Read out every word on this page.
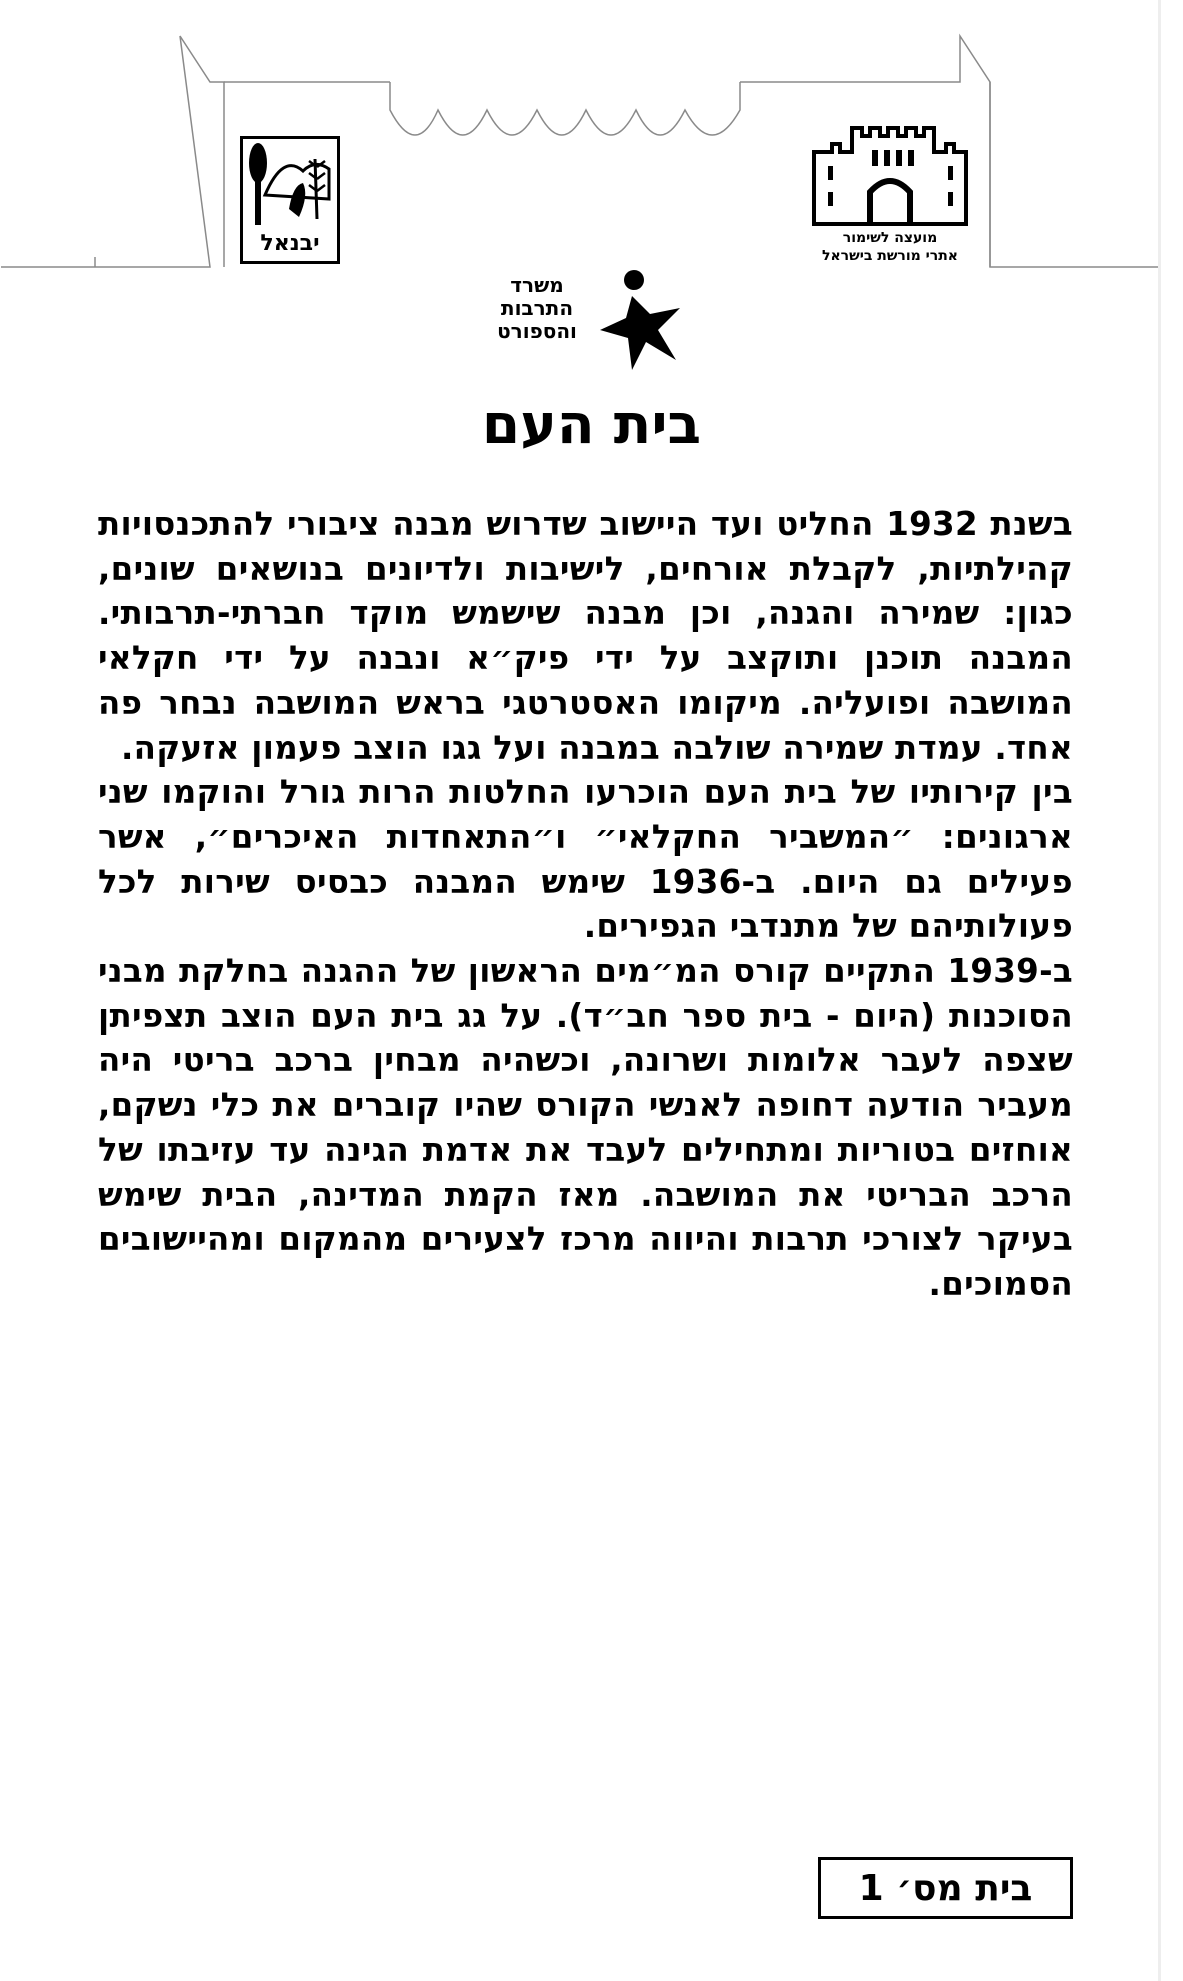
יבנאל	מועצה לשימור
אתרי מורשת בישראל
משרד
התרבות
והספורט
בית העם

בשנת 1932 החליט ועד היישוב שדרוש מבנה ציבורי להתכנסויות קהילתיות, לקבלת אורחים, לישיבות ולדיונים בנושאים שונים, כגון: שמירה והגנה, וכן מבנה שישמש מוקד חברתי-תרבותי. המבנה תוכנן ותוקצב על ידי פיק״א ונבנה על ידי חקלאי המושבה ופועליה. מיקומו האסטרטגי בראש המושבה נבחר פה אחד. עמדת שמירה שולבה במבנה ועל גגו הוצב פעמון אזעקה.

בין קירותיו של בית העם הוכרעו החלטות הרות גורל והוקמו שני ארגונים: ״המשביר החקלאי״ ו״התאחדות האיכרים״, אשר פעילים גם היום. ב-1936 שימש המבנה כבסיס שירות לכל פעולותיהם של מתנדבי הגפירים.

ב-1939 התקיים קורס המ״מים הראשון של ההגנה בחלקת מבני הסוכנות (היום - בית ספר חב״ד). על גג בית העם הוצב תצפיתן שצפה לעבר אלומות ושרונה, וכשהיה מבחין ברכב בריטי היה מעביר הודעה דחופה לאנשי הקורס שהיו קוברים את כלי נשקם, אוחזים בטוריות ומתחילים לעבד את אדמת הגינה עד עזיבתו של הרכב הבריטי את המושבה. מאז הקמת המדינה, הבית שימש בעיקר לצורכי תרבות והיווה מרכז לצעירים מהמקום ומהיישובים הסמוכים.

בית מס׳ 1
